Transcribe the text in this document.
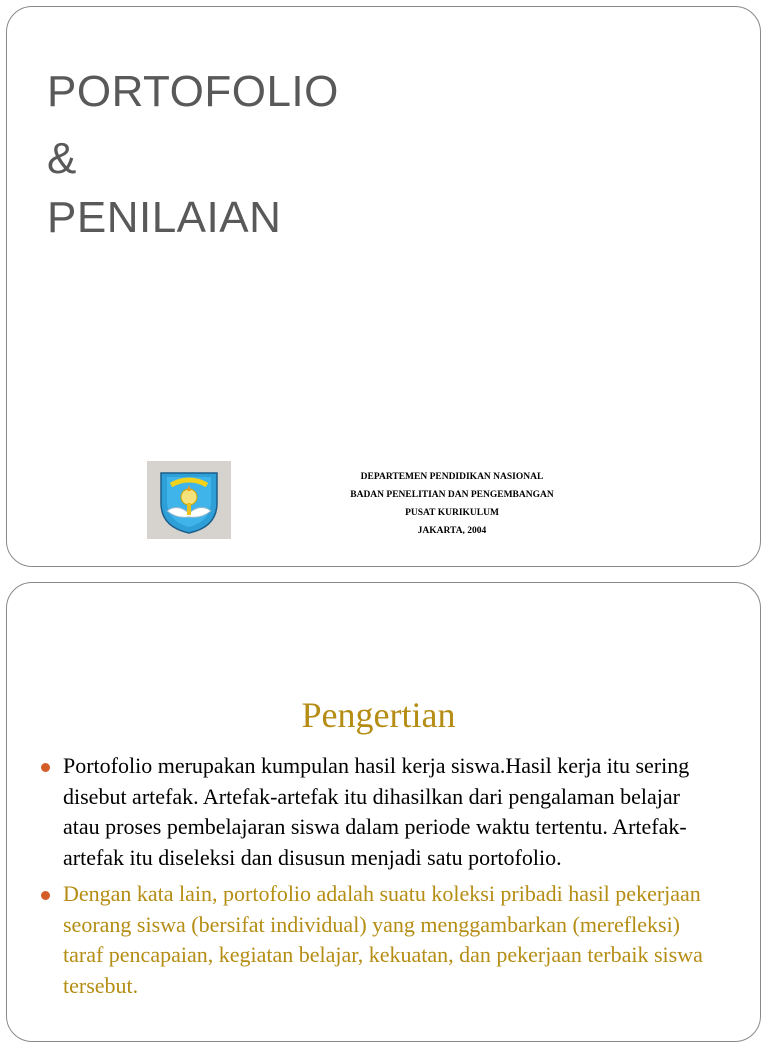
PORTOFOLIO
&
PENILAIAN
DEPARTEMEN PENDIDIKAN NASIONAL
BADAN PENELITIAN DAN PENGEMBANGAN
PUSAT KURIKULUM
JAKARTA, 2004
Pengertian
Portofolio merupakan kumpulan hasil kerja siswa.Hasil kerja itu sering disebut artefak. Artefak-artefak itu dihasilkan dari pengalaman belajar atau proses pembelajaran siswa dalam periode waktu tertentu. Artefak-artefak itu diseleksi dan disusun menjadi satu portofolio.
Dengan kata lain, portofolio adalah suatu koleksi pribadi hasil pekerjaan seorang siswa (bersifat individual) yang menggambarkan (merefleksi) taraf pencapaian, kegiatan belajar, kekuatan, dan pekerjaan terbaik siswa tersebut.
